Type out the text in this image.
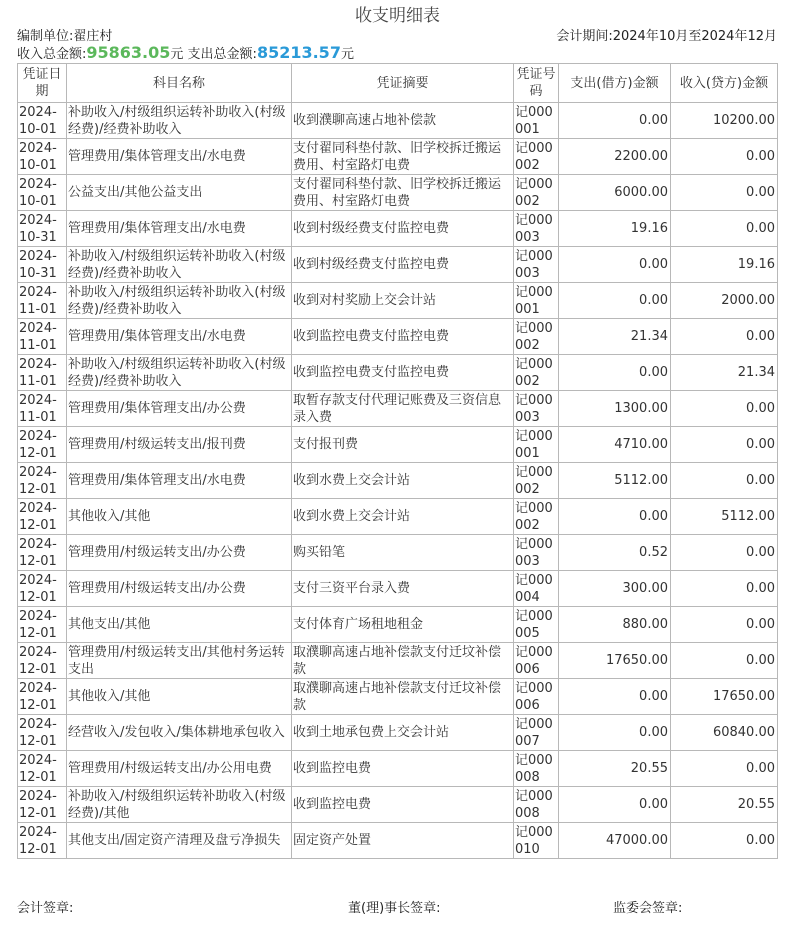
收支明细表
编制单位:翟庄村	会计期间:2024年10月至2024年12月
收入总金额:95863.05元 支出总金额:85213.57元
凭证日期	科目名称	凭证摘要	凭证号码	支出(借方)金额	收入(贷方)金额
2024-10-01	补助收入/村级组织运转补助收入(村级经费)/经费补助收入	收到濮聊高速占地补偿款	记000001	0.00	10200.00
2024-10-01	管理费用/集体管理支出/水电费	支付翟同科垫付款、旧学校拆迁搬运费用、村室路灯电费	记000002	2200.00	0.00
2024-10-01	公益支出/其他公益支出	支付翟同科垫付款、旧学校拆迁搬运费用、村室路灯电费	记000002	6000.00	0.00
2024-10-31	管理费用/集体管理支出/水电费	收到村级经费支付监控电费	记000003	19.16	0.00
2024-10-31	补助收入/村级组织运转补助收入(村级经费)/经费补助收入	收到村级经费支付监控电费	记000003	0.00	19.16
2024-11-01	补助收入/村级组织运转补助收入(村级经费)/经费补助收入	收到对村奖励上交会计站	记000001	0.00	2000.00
2024-11-01	管理费用/集体管理支出/水电费	收到监控电费支付监控电费	记000002	21.34	0.00
2024-11-01	补助收入/村级组织运转补助收入(村级经费)/经费补助收入	收到监控电费支付监控电费	记000002	0.00	21.34
2024-11-01	管理费用/集体管理支出/办公费	取暂存款支付代理记账费及三资信息录入费	记000003	1300.00	0.00
2024-12-01	管理费用/村级运转支出/报刊费	支付报刊费	记000001	4710.00	0.00
2024-12-01	管理费用/集体管理支出/水电费	收到水费上交会计站	记000002	5112.00	0.00
2024-12-01	其他收入/其他	收到水费上交会计站	记000002	0.00	5112.00
2024-12-01	管理费用/村级运转支出/办公费	购买铅笔	记000003	0.52	0.00
2024-12-01	管理费用/村级运转支出/办公费	支付三资平台录入费	记000004	300.00	0.00
2024-12-01	其他支出/其他	支付体育广场租地租金	记000005	880.00	0.00
2024-12-01	管理费用/村级运转支出/其他村务运转支出	取濮聊高速占地补偿款支付迁坟补偿款	记000006	17650.00	0.00
2024-12-01	其他收入/其他	取濮聊高速占地补偿款支付迁坟补偿款	记000006	0.00	17650.00
2024-12-01	经营收入/发包收入/集体耕地承包收入	收到土地承包费上交会计站	记000007	0.00	60840.00
2024-12-01	管理费用/村级运转支出/办公用电费	收到监控电费	记000008	20.55	0.00
2024-12-01	补助收入/村级组织运转补助收入(村级经费)/其他	收到监控电费	记000008	0.00	20.55
2024-12-01	其他支出/固定资产清理及盘亏净损失	固定资产处置	记000010	47000.00	0.00
会计签章:	董(理)事长签章:	监委会签章:
